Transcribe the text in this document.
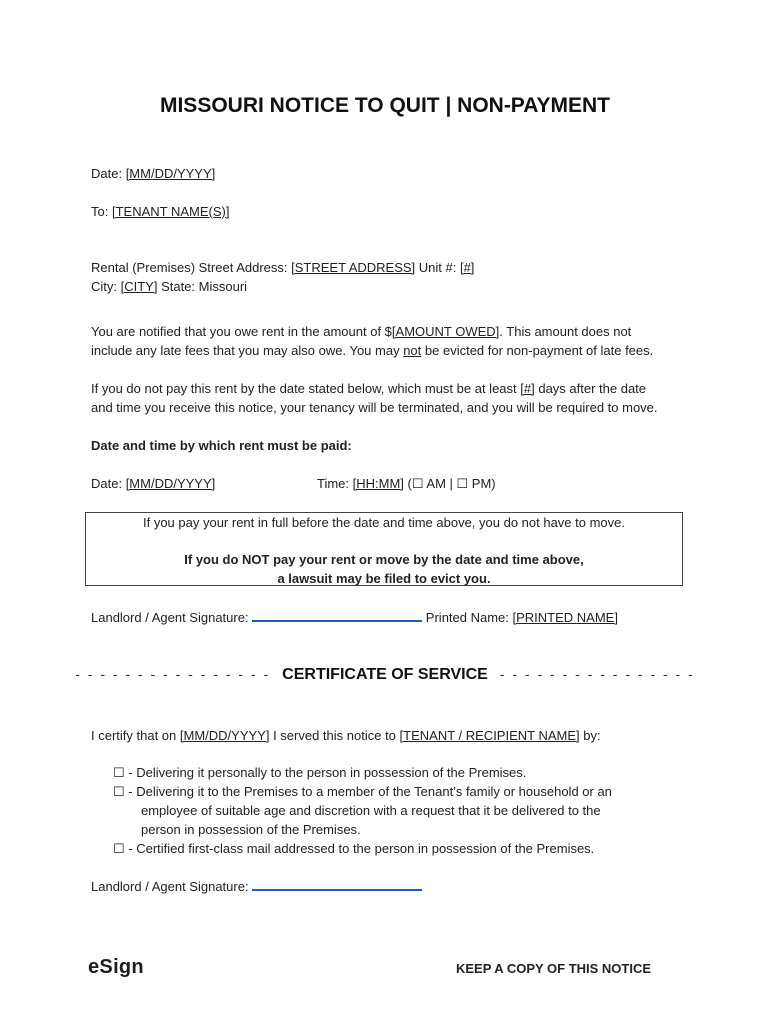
MISSOURI NOTICE TO QUIT | NON-PAYMENT
Date: [MM/DD/YYYY]
To: [TENANT NAME(S)]
Rental (Premises) Street Address: [STREET ADDRESS] Unit #: [#]
City: [CITY] State: Missouri
You are notified that you owe rent in the amount of $[AMOUNT OWED]. This amount does not
include any late fees that you may also owe. You may not be evicted for non-payment of late fees.
If you do not pay this rent by the date stated below, which must be at least [#] days after the date
and time you receive this notice, your tenancy will be terminated, and you will be required to move.
Date and time by which rent must be paid:
Date: [MM/DD/YYYY]	Time: [HH:MM] (☐ AM | ☐ PM)
If you pay your rent in full before the date and time above, you do not have to move.
If you do NOT pay your rent or move by the date and time above,
a lawsuit may be filed to evict you.
Landlord / Agent Signature:	Printed Name: [PRINTED NAME]
- - - - - - - - - - - - - - - - CERTIFICATE OF SERVICE - - - - - - - - - - - - - - - -
I certify that on [MM/DD/YYYY] I served this notice to [TENANT / RECIPIENT NAME] by:
☐ - Delivering it personally to the person in possession of the Premises.
☐ - Delivering it to the Premises to a member of the Tenant’s family or household or an
employee of suitable age and discretion with a request that it be delivered to the
person in possession of the Premises.
☐ - Certified first-class mail addressed to the person in possession of the Premises.
Landlord / Agent Signature:
eSign	KEEP A COPY OF THIS NOTICE
